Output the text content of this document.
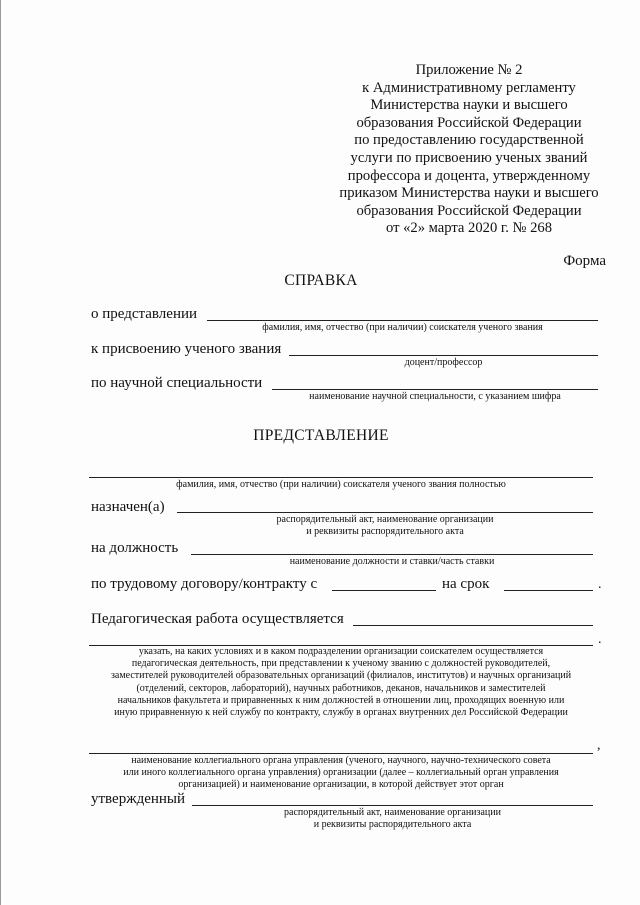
Приложение № 2
к Административному регламенту
Министерства науки и высшего
образования Российской Федерации
по предоставлению государственной
услуги по присвоению ученых званий
профессора и доцента, утвержденному
приказом Министерства науки и высшего
образования Российской Федерации
от «2» марта 2020 г. № 268
Форма
СПРАВКА
о представлении
фамилия, имя, отчество (при наличии) соискателя ученого звания
к присвоению ученого звания
доцент/профессор
по научной специальности
наименование научной специальности, с указанием шифра
ПРЕДСТАВЛЕНИЕ
фамилия, имя, отчество (при наличии) соискателя ученого звания полностью
назначен(а)
распорядительный акт, наименование организации
и реквизиты распорядительного акта
на должность
наименование должности и ставки/часть ставки
по трудовому договору/контракту с	на срок	.
Педагогическая работа осуществляется
.
указать, на каких условиях и в каком подразделении организации соискателем осуществляется
педагогическая деятельность, при представлении к ученому званию с должностей руководителей,
заместителей руководителей образовательных организаций (филиалов, институтов) и научных организаций
(отделений, секторов, лабораторий), научных работников, деканов, начальников и заместителей
начальников факультета и приравненных к ним должностей в отношении лиц, проходящих военную или
иную приравненную к ней службу по контракту, службу в органах внутренних дел Российской Федерации
,
наименование коллегиального органа управления (ученого, научного, научно-технического совета
или иного коллегиального органа управления) организации (далее – коллегиальный орган управления
организацией) и наименование организации, в которой действует этот орган
утвержденный
распорядительный акт, наименование организации
и реквизиты распорядительного акта
